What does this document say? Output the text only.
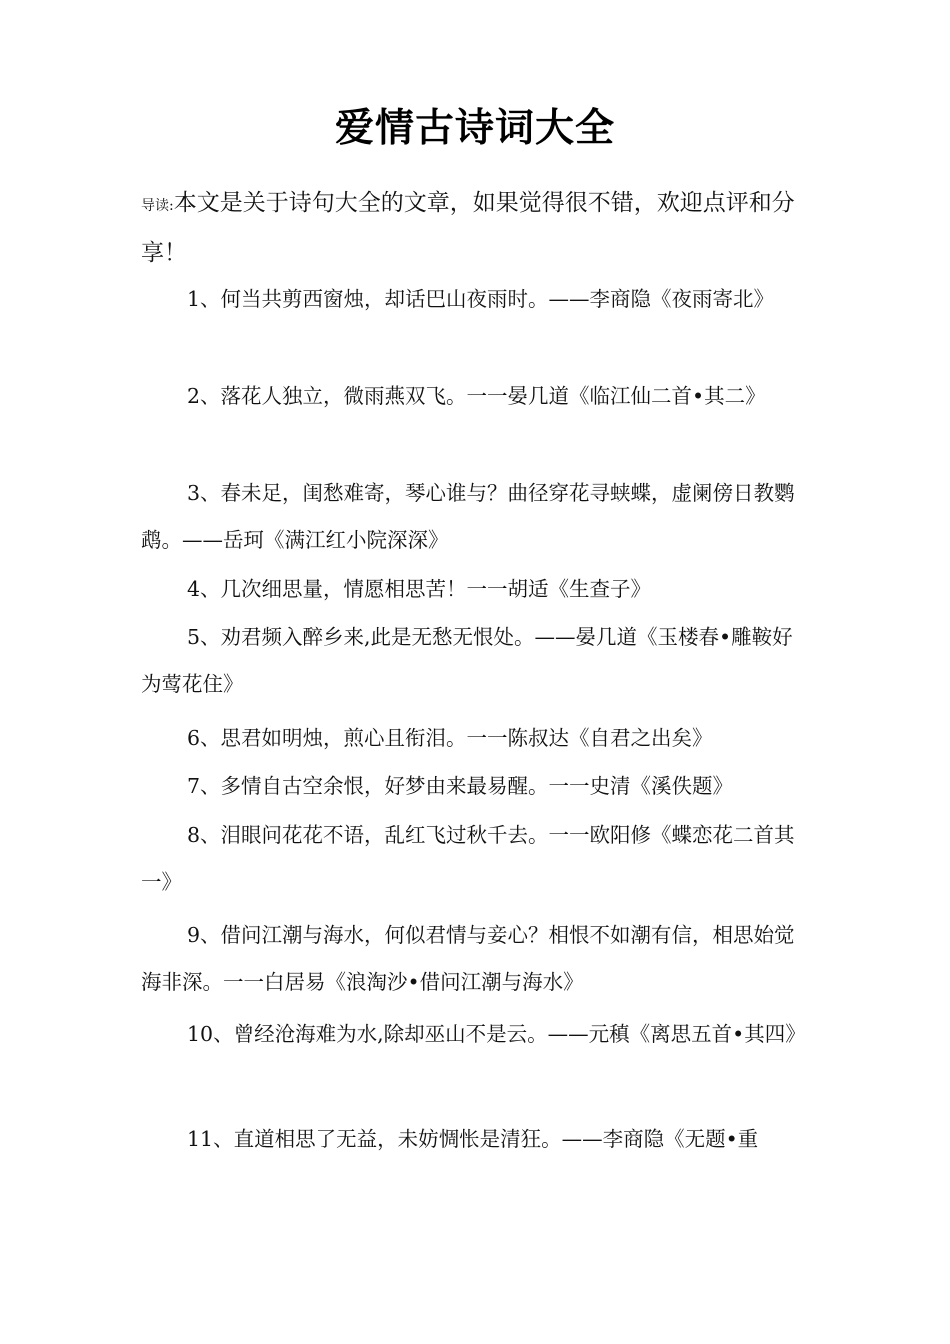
爱情古诗词大全
导读:本文是关于诗句大全的文章，如果觉得很不错，欢迎点评和分享！
1、何当共剪西窗烛，却话巴山夜雨时。——李商隐《夜雨寄北》
2、落花人独立，微雨燕双飞。一一晏几道《临江仙二首•其二》
3、春未足，闺愁难寄，琴心谁与？曲径穿花寻蛱蝶，虚阑傍日教鹦鹉。——岳珂《满江红小院深深》
4、几次细思量，情愿相思苦！一一胡适《生查子》
5、劝君频入醉乡来,此是无愁无恨处。——晏几道《玉楼春•雕鞍好为莺花住》
6、思君如明烛，煎心且衔泪。一一陈叔达《自君之出矣》
7、多情自古空余恨，好梦由来最易醒。一一史清《溪佚题》
8、泪眼问花花不语，乱红飞过秋千去。一一欧阳修《蝶恋花二首其一》
9、借问江潮与海水，何似君情与妾心？相恨不如潮有信，相思始觉海非深。一一白居易《浪淘沙•借问江潮与海水》
10、曾经沧海难为水,除却巫山不是云。——元稹《离思五首•其四》
11、直道相思了无益，未妨惆怅是清狂。——李商隐《无题•重
